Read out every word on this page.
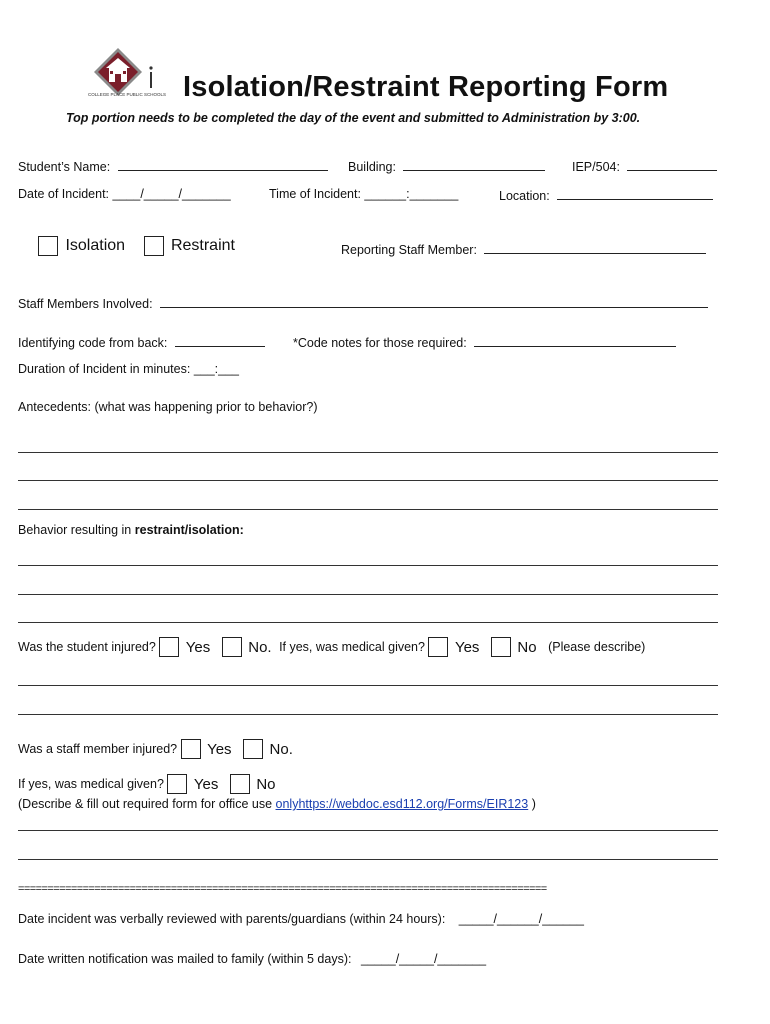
COLLEGE PLACE PUBLIC SCHOOLS Isolation/Restraint Reporting Form
Top portion needs to be completed the day of the event and submitted to Administration by 3:00.
Student’s Name:	Building:	IEP/504:
Date of Incident: ____/_____/_______	Time of Incident: ______:_______	Location:
Isolation	Restraint	Reporting Staff Member:
Staff Members Involved:
Identifying code from back:	*Code notes for those required:
Duration of Incident in minutes: ___:___
Antecedents: (what was happening prior to behavior?)
Behavior resulting in restraint/isolation:
Was the student injured? Yes	No. If yes, was medical given? Yes	No (Please describe)
Was a staff member injured? Yes	No.
If yes, was medical given? Yes	No
(Describe & fill out required form for office use onlyhttps://webdoc.esd112.org/Forms/EIR123 )
==========================================================================================
Date incident was verbally reviewed with parents/guardians (within 24 hours): _____/______/______
Date written notification was mailed to family (within 5 days): _____/_____/_______
